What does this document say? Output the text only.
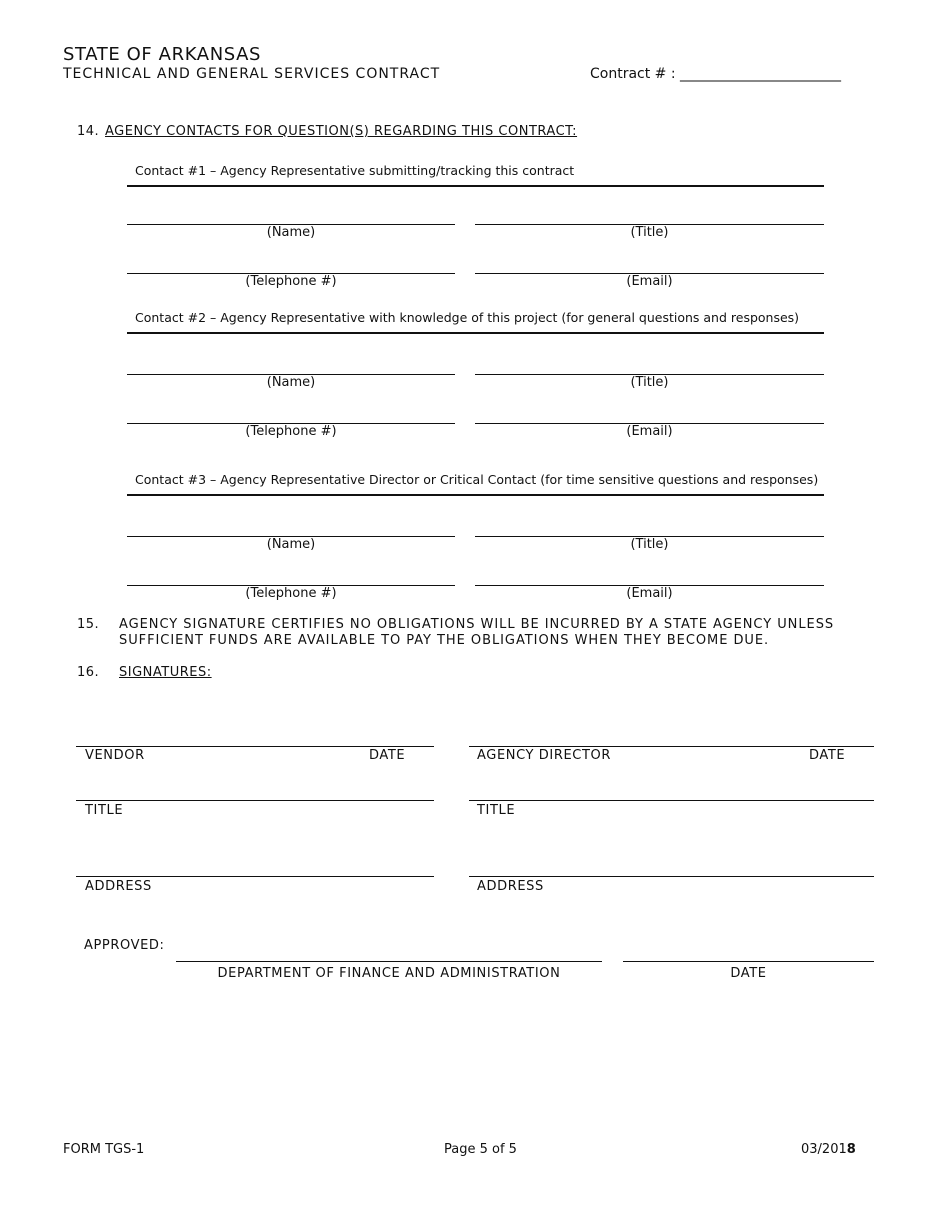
STATE OF ARKANSAS
TECHNICAL AND GENERAL SERVICES CONTRACT	Contract # : _______________________
14. AGENCY CONTACTS FOR QUESTION(S) REGARDING THIS CONTRACT:
Contact #1 – Agency Representative submitting/tracking this contract
(Name)	(Title)
(Telephone #)	(Email)
Contact #2 – Agency Representative with knowledge of this project (for general questions and responses)
(Name)	(Title)
(Telephone #)	(Email)
Contact #3 – Agency Representative Director or Critical Contact (for time sensitive questions and responses)
(Name)	(Title)
(Telephone #)	(Email)
15. AGENCY SIGNATURE CERTIFIES NO OBLIGATIONS WILL BE INCURRED BY A STATE AGENCY UNLESS
SUFFICIENT FUNDS ARE AVAILABLE TO PAY THE OBLIGATIONS WHEN THEY BECOME DUE.
16. SIGNATURES:
VENDOR	DATE	AGENCY DIRECTOR	DATE
TITLE	TITLE
ADDRESS	ADDRESS
APPROVED:
DEPARTMENT OF FINANCE AND ADMINISTRATION	DATE
FORM TGS-1	Page 5 of 5	03/2018
